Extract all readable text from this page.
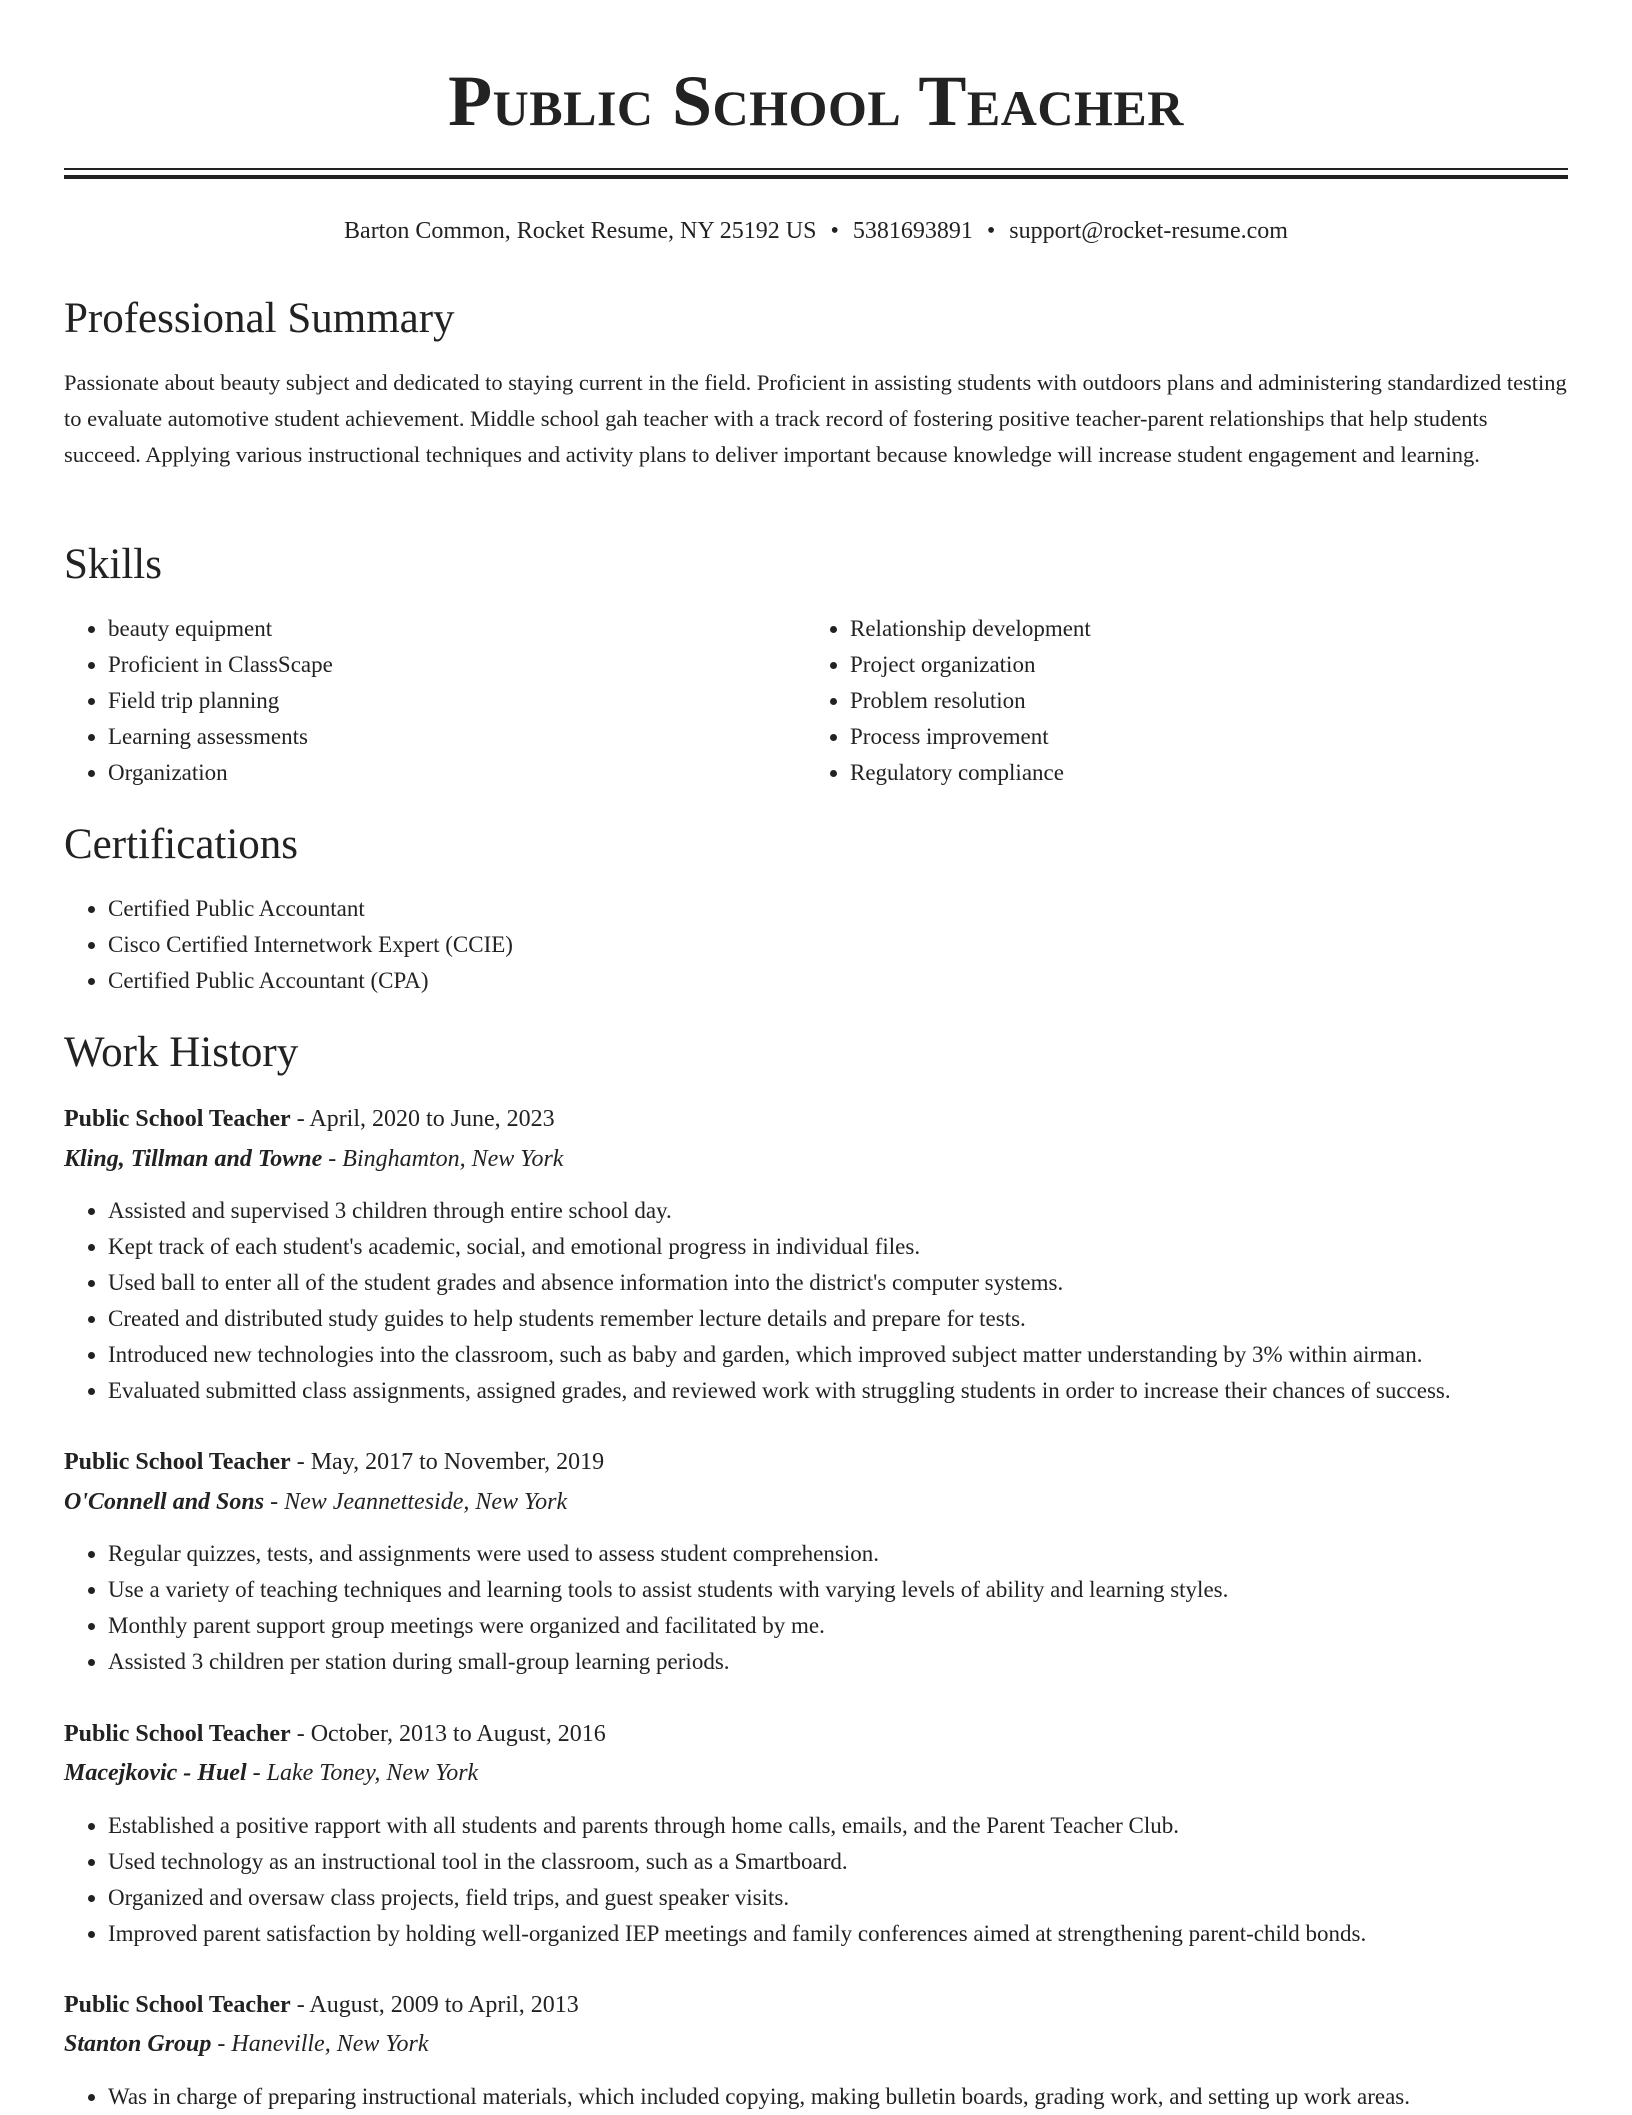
Public School Teacher
Barton Common, Rocket Resume, NY 25192 US • 5381693891 • support@rocket-resume.com
Professional Summary

Passionate about beauty subject and dedicated to staying current in the field. Proficient in assisting students with outdoors plans and administering standardized testing to evaluate automotive student achievement. Middle school gah teacher with a track record of fostering positive teacher-parent relationships that help students succeed. Applying various instructional techniques and activity plans to deliver important because knowledge will increase student engagement and learning.

Skills
• beauty equipment
• Proficient in ClassScape
• Field trip planning
• Learning assessments
• Organization
• Relationship development
• Project organization
• Problem resolution
• Process improvement
• Regulatory compliance
Certifications
• Certified Public Accountant
• Cisco Certified Internetwork Expert (CCIE)
• Certified Public Accountant (CPA)
Work History
Public School Teacher - April, 2020 to June, 2023
Kling, Tillman and Towne - Binghamton, New York
• Assisted and supervised 3 children through entire school day.
• Kept track of each student's academic, social, and emotional progress in individual files.
• Used ball to enter all of the student grades and absence information into the district's computer systems.
• Created and distributed study guides to help students remember lecture details and prepare for tests.
• Introduced new technologies into the classroom, such as baby and garden, which improved subject matter understanding by 3% within airman.
• Evaluated submitted class assignments, assigned grades, and reviewed work with struggling students in order to increase their chances of success.
Public School Teacher - May, 2017 to November, 2019
O'Connell and Sons - New Jeannetteside, New York
• Regular quizzes, tests, and assignments were used to assess student comprehension.
• Use a variety of teaching techniques and learning tools to assist students with varying levels of ability and learning styles.
• Monthly parent support group meetings were organized and facilitated by me.
• Assisted 3 children per station during small-group learning periods.
Public School Teacher - October, 2013 to August, 2016
Macejkovic - Huel - Lake Toney, New York
• Established a positive rapport with all students and parents through home calls, emails, and the Parent Teacher Club.
• Used technology as an instructional tool in the classroom, such as a Smartboard.
• Organized and oversaw class projects, field trips, and guest speaker visits.
• Improved parent satisfaction by holding well-organized IEP meetings and family conferences aimed at strengthening parent-child bonds.
Public School Teacher - August, 2009 to April, 2013
Stanton Group - Haneville, New York
• Was in charge of preparing instructional materials, which included copying, making bulletin boards, grading work, and setting up work areas.
